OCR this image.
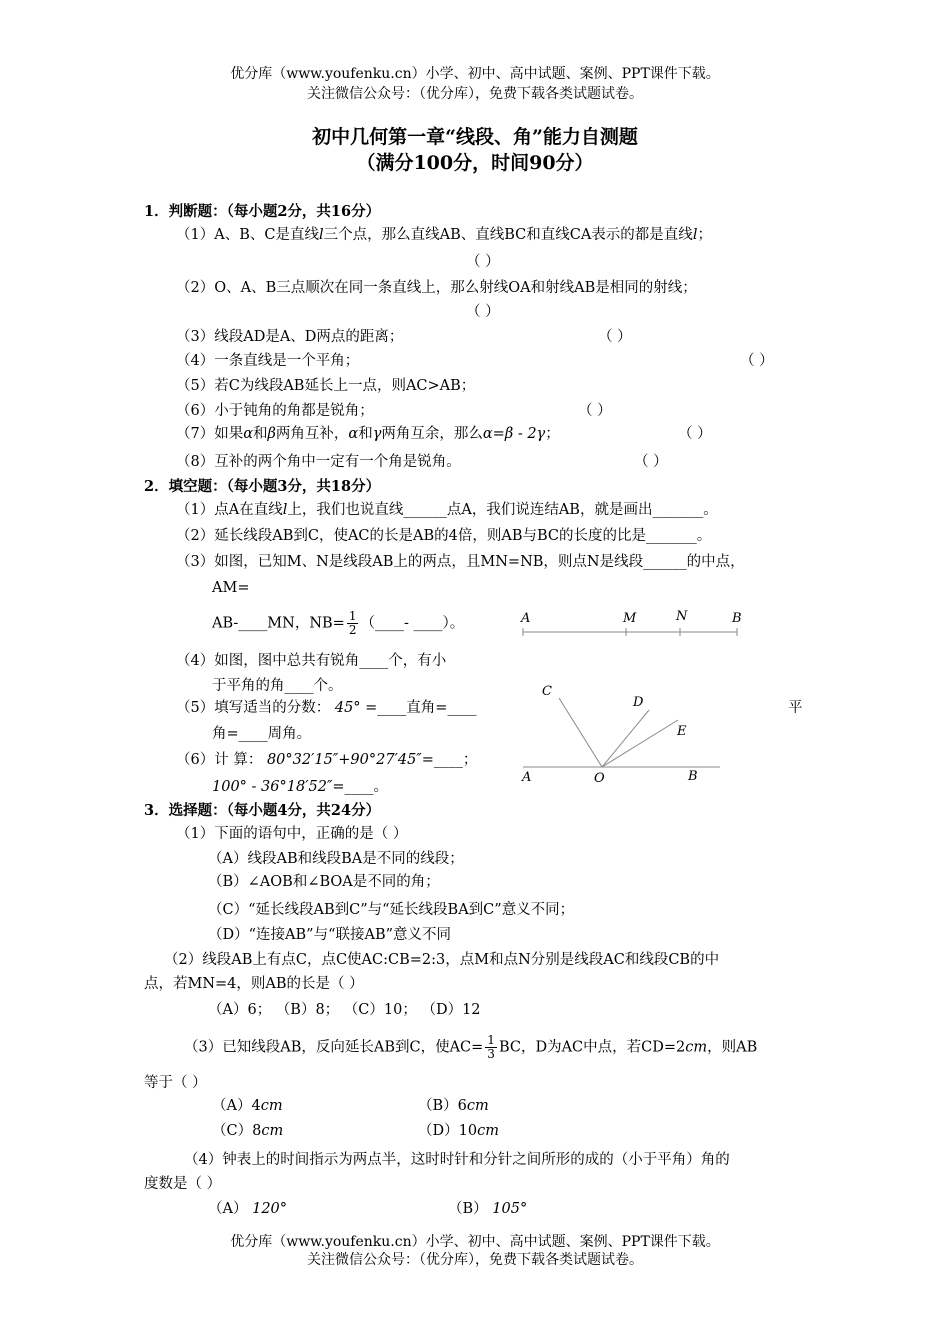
优分库（www.youfenku.cn）小学、初中、高中试题、案例、PPT课件下载。
关注微信公众号：（优分库），免费下载各类试题试卷。
初中几何第一章“线段、角”能力自测题
（满分100分，时间90分）
1．判断题：（每小题2分，共16分）
（1）A、B、C是直线l三个点，那么直线AB、直线BC和直线CA表示的都是直线l；
（ ）
（2）O、A、B三点顺次在同一条直线上，那么射线OA和射线AB是相同的射线；
（ ）
（3）线段AD是A、D两点的距离；	（ ）
（4）一条直线是一个平角；	（ ）
（5）若C为线段AB延长上一点，则AC>AB；
（6）小于钝角的角都是锐角；	（ ）
（7）如果α和β两角互补，α和γ两角互余，那么α=β - 2γ；	（ ）
（8）互补的两个角中一定有一个角是锐角。	（ ）
2．填空题：（每小题3分，共18分）
（1）点A在直线l上，我们也说直线______点A，我们说连结AB，就是画出_______。
（2）延长线段AB到C，使AC的长是AB的4倍，则AB与BC的长度的比是_______。
（3）如图，已知M、N是线段AB上的两点，且MN=NB，则点N是线段______的中点，
AM=
AB-____MN，$NB= \frac{1}{2}$ （____- ____）。
（4）如图，图中总共有锐角____个，有小
于平角的角____个。
（5）填写适当的分数： 45° =____直角=____	平
角=____周角。
（6）计 算： 80°32′15″+90°27′45″=____；
100° - 36°18′52″=____。
A	M	N	B
C
D
E
A	O	B
3．选择题：（每小题4分，共24分）
（1）下面的语句中，正确的是（ ）
（A）线段AB和线段BA是不同的线段；
（B）∠AOB和∠BOA是不同的角；
（C）“延长线段AB到C”与“延长线段BA到C”意义不同；
（D）“连接AB”与“联接AB”意义不同
（2）线段AB上有点C，点C使AC:CB=2:3，点M和点N分别是线段AC和线段CB的中
点，若MN=4，则AB的长是（ ）
（A）6； （B）8； （C）10； （D）12
（3）已知线段AB，反向延长AB到C，使$AC= \frac{1}{3}$ BC，D为AC中点，若CD=2cm，则AB
等于（ ）
（A）4cm	（B）6cm
（C）8cm	（D）10cm
（4）钟表上的时间指示为两点半，这时时针和分针之间所形的成的（小于平角）角的
度数是（ ）
（A） 120°	（B） 105°
优分库（www.youfenku.cn）小学、初中、高中试题、案例、PPT课件下载。
关注微信公众号：（优分库），免费下载各类试题试卷。
